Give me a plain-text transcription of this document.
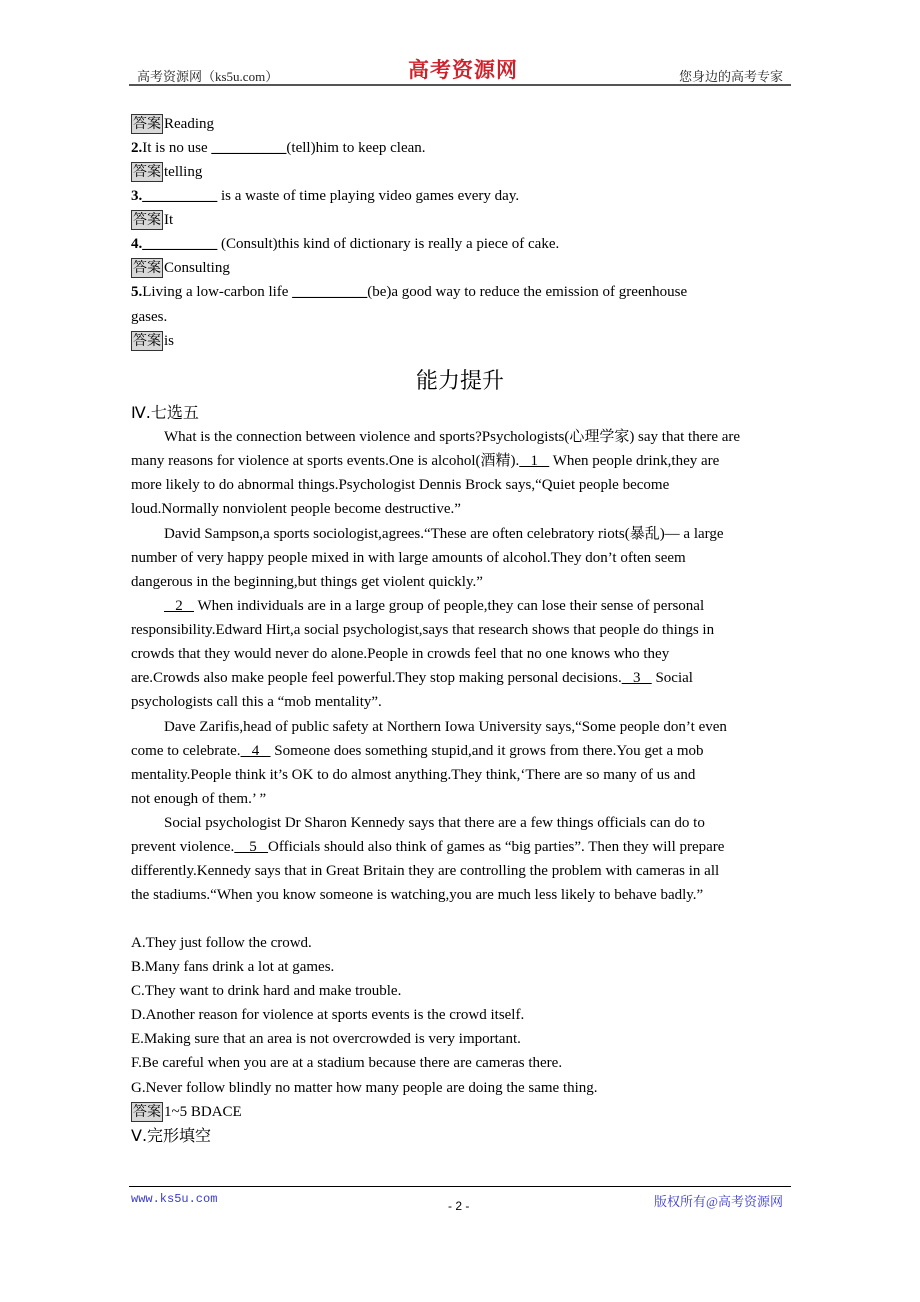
高考资源网（ks5u.com）	高考资源网	您身边的高考专家
能力提升
答案 Reading
2.It is no use __________(tell)him to keep clean.
答案 telling
3.__________ is a waste of time playing video games every day.
答案 It
4.__________ (Consult)this kind of dictionary is really a piece of cake.
答案 Consulting
5.Living a low-carbon life __________(be)a good way to reduce the emission of greenhouse
gases.
答案 is
Ⅳ.七选五
What is the connection between violence and sports?Psychologists(心理学家) say that there are
many reasons for violence at sports events.One is alcohol(酒精).   1    When people drink,they are
more likely to do abnormal things.Psychologist Dennis Brock says,“Quiet people become
loud.Normally nonviolent people become destructive.”
David Sampson,a sports sociologist,agrees.“These are often celebratory riots(暴乱)— a large
number of very happy people mixed in with large amounts of alcohol.They don’t often seem
dangerous in the beginning,but things get violent quickly.”
2    When individuals are in a large group of people,they can lose their sense of personal
responsibility.Edward Hirt,a social psychologist,says that research shows that people do things in
crowds that they would never do alone.People in crowds feel that no one knows who they
are.Crowds also make people feel powerful.They stop making personal decisions.   3    Social
psychologists call this a “mob mentality”.
Dave Zarifis,head of public safety at Northern Iowa University says,“Some people don’t even
come to celebrate.   4    Someone does something stupid,and it grows from there.You get a mob
mentality.People think it’s OK to do almost anything.They think,‘There are so many of us and
not enough of them.’ ”
Social psychologist Dr Sharon Kennedy says that there are a few things officials can do to
prevent violence.    5   Officials should also think of games as “big parties”. Then they will prepare
differently.Kennedy says that in Great Britain they are controlling the problem with cameras in all
the stadiums.“When you know someone is watching,you are much less likely to behave badly.”
A.They just follow the crowd.
B.Many fans drink a lot at games.
C.They want to drink hard and make trouble.
D.Another reason for violence at sports events is the crowd itself.
E.Making sure that an area is not overcrowded is very important.
F.Be careful when you are at a stadium because there are cameras there.
G.Never follow blindly no matter how many people are doing the same thing.
答案 1~5 BDACE
Ⅴ.完形填空
www.ks5u.com	- 2 -	版权所有@高考资源网
